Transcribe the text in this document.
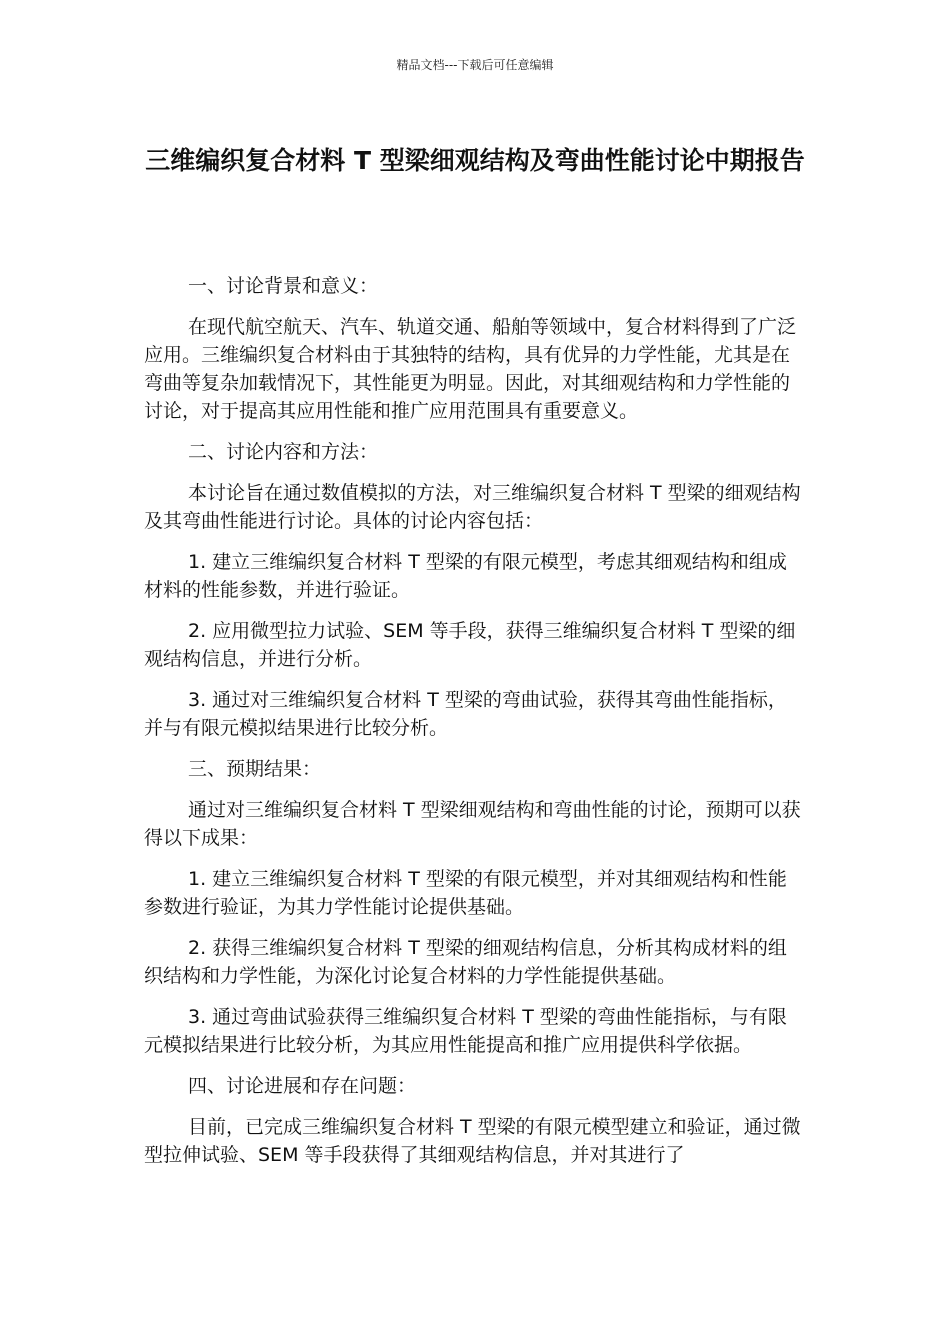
精品文档---下载后可任意编辑
三维编织复合材料 T 型梁细观结构及弯曲性能讨论中期报告

一、讨论背景和意义：

在现代航空航天、汽车、轨道交通、船舶等领域中，复合材料得到了广泛应用。三维编织复合材料由于其独特的结构，具有优异的力学性能，尤其是在弯曲等复杂加载情况下，其性能更为明显。因此，对其细观结构和力学性能的讨论，对于提高其应用性能和推广应用范围具有重要意义。

二、讨论内容和方法：

本讨论旨在通过数值模拟的方法，对三维编织复合材料 T 型梁的细观结构及其弯曲性能进行讨论。具体的讨论内容包括：

1. 建立三维编织复合材料 T 型梁的有限元模型，考虑其细观结构和组成材料的性能参数，并进行验证。

2. 应用微型拉力试验、SEM 等手段，获得三维编织复合材料 T 型梁的细观结构信息，并进行分析。

3. 通过对三维编织复合材料 T 型梁的弯曲试验，获得其弯曲性能指标，并与有限元模拟结果进行比较分析。

三、预期结果：

通过对三维编织复合材料 T 型梁细观结构和弯曲性能的讨论，预期可以获得以下成果：

1. 建立三维编织复合材料 T 型梁的有限元模型，并对其细观结构和性能参数进行验证，为其力学性能讨论提供基础。

2. 获得三维编织复合材料 T 型梁的细观结构信息，分析其构成材料的组织结构和力学性能，为深化讨论复合材料的力学性能提供基础。

3. 通过弯曲试验获得三维编织复合材料 T 型梁的弯曲性能指标，与有限元模拟结果进行比较分析，为其应用性能提高和推广应用提供科学依据。

四、讨论进展和存在问题：

目前，已完成三维编织复合材料 T 型梁的有限元模型建立和验证，通过微型拉伸试验、SEM 等手段获得了其细观结构信息，并对其进行了
